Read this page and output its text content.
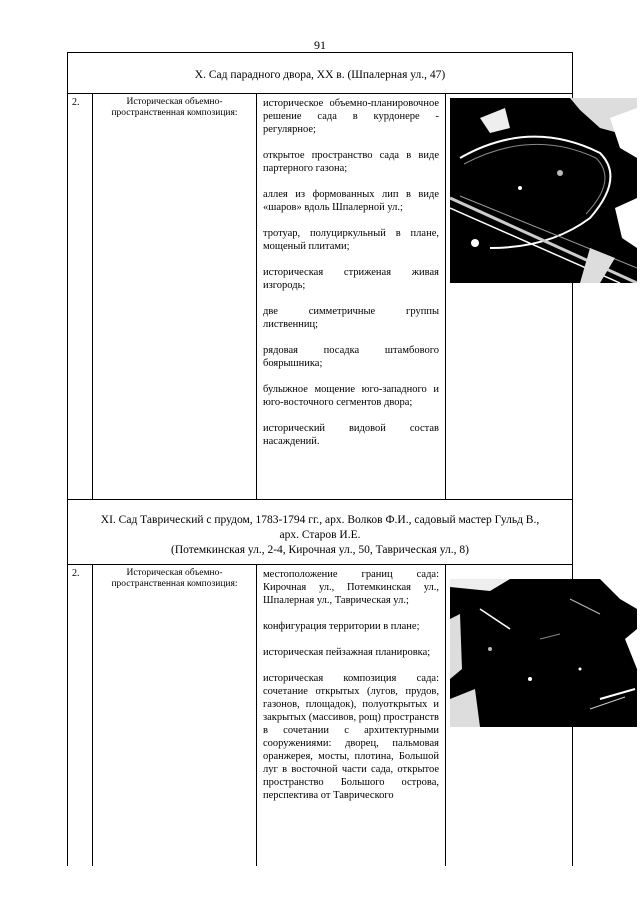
91
X. Сад парадного двора, XX в. (Шпалерная ул., 47)
2.	Историческая объемно-пространственная композиция:

историческое объемно-планировочное решение сада в курдонере - регулярное;

открытое пространство сада в виде партерного газона;

аллея из формованных лип в виде «шаров» вдоль Шпалерной ул.;

тротуар, полуциркульный в плане, мощеный плитами;

историческая стриженая живая изгородь;

две симметричные группы лиственниц;

рядовая посадка штамбового боярышника;

булыжное мощение юго-западного и юго-восточного сегментов двора;

исторический видовой состав насаждений.

XI. Сад Таврический с прудом, 1783-1794 гг., арх. Волков Ф.И., садовый мастер Гульд В.,
арх. Старов И.Е.
(Потемкинская ул., 2-4, Кирочная ул., 50, Таврическая ул., 8)
2.	Историческая объемно-пространственная композиция:

местоположение границ сада: Кирочная ул., Потемкинская ул., Шпалерная ул., Таврическая ул.;

конфигурация территории в плане;

историческая пейзажная планировка;

историческая композиция сада: сочетание открытых (лугов, прудов, газонов, площадок), полуоткрытых и закрытых (массивов, рощ) пространств в сочетании с архитектурными сооружениями: дворец, пальмовая оранжерея, мосты, плотина, Большой луг в восточной части сада, открытое пространство Большого острова, перспектива от Таврического
